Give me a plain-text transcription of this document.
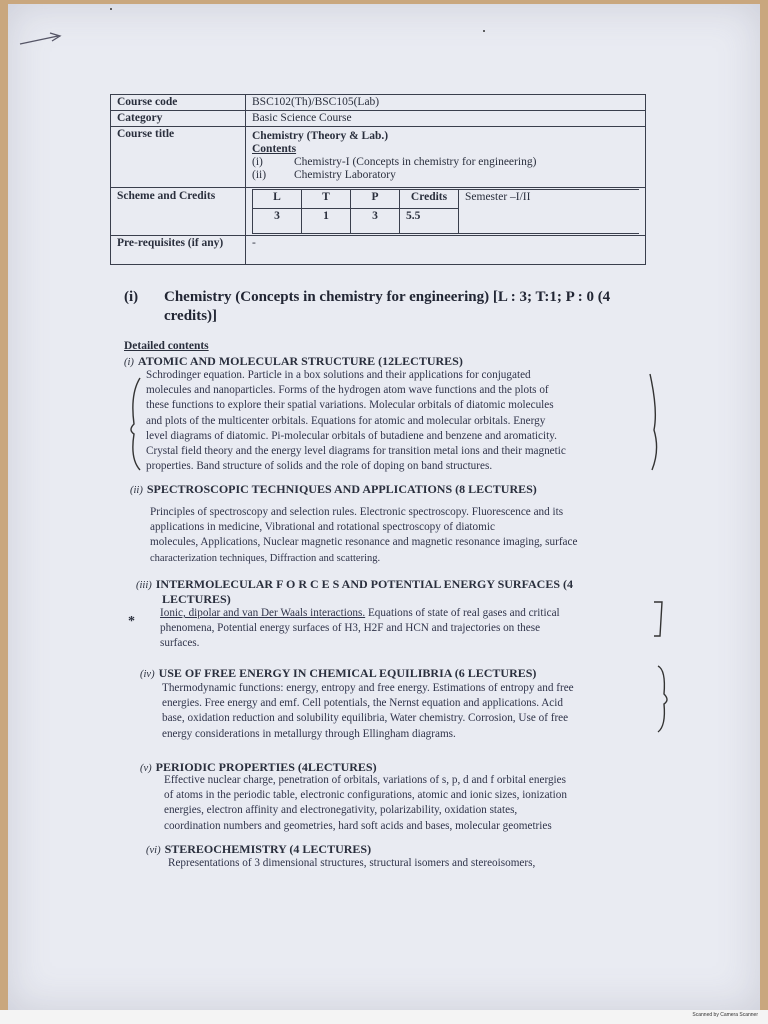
Scanned by Camera Scanner
Course code	BSC102(Th)/BSC105(Lab)
Category	Basic Science Course
Course title	Chemistry (Theory & Lab.)
Contents
(i)	Chemistry-I (Concepts in chemistry for engineering)
(ii)	Chemistry Laboratory

Scheme and Credits		L	T	P	Credits	Semester –I/II
3	1	3	5.5

Pre-requisites (if any)	-
(i) Chemistry (Concepts in chemistry for engineering) [L : 3; T:1; P : 0 (4
credits)]
Detailed contents
(i) ATOMIC AND MOLECULAR STRUCTURE (12LECTURES)
Schrodinger equation. Particle in a box solutions and their applications for conjugated
molecules and nanoparticles. Forms of the hydrogen atom wave functions and the plots of
these functions to explore their spatial variations. Molecular orbitals of diatomic molecules
and plots of the multicenter orbitals. Equations for atomic and molecular orbitals. Energy
level diagrams of diatomic. Pi-molecular orbitals of butadiene and benzene and aromaticity.
Crystal field theory and the energy level diagrams for transition metal ions and their magnetic
properties. Band structure of solids and the role of doping on band structures.
(ii) SPECTROSCOPIC TECHNIQUES AND APPLICATIONS (8 LECTURES)
Principles of spectroscopy and selection rules. Electronic spectroscopy. Fluorescence and its
applications in medicine, Vibrational and rotational spectroscopy of diatomic
molecules, Applications, Nuclear magnetic resonance and magnetic resonance imaging, surface
characterization techniques, Diffraction and scattering.
(iii) INTERMOLECULAR F O R C E S AND POTENTIAL ENERGY SURFACES (4
LECTURES)
*
Ionic, dipolar and van Der Waals interactions. Equations of state of real gases and critical
phenomena, Potential energy surfaces of H3, H2F and HCN and trajectories on these
surfaces.
(iv) USE OF FREE ENERGY IN CHEMICAL EQUILIBRIA (6 LECTURES)
Thermodynamic functions: energy, entropy and free energy. Estimations of entropy and free
energies. Free energy and emf. Cell potentials, the Nernst equation and applications. Acid
base, oxidation reduction and solubility equilibria, Water chemistry. Corrosion, Use of free
energy considerations in metallurgy through Ellingham diagrams.
(v) PERIODIC PROPERTIES (4LECTURES)
Effective nuclear charge, penetration of orbitals, variations of s, p, d and f orbital energies
of atoms in the periodic table, electronic configurations, atomic and ionic sizes, ionization
energies, electron affinity and electronegativity, polarizability, oxidation states,
coordination numbers and geometries, hard soft acids and bases, molecular geometries
(vi) STEREOCHEMISTRY (4 LECTURES)
Representations of 3 dimensional structures, structural isomers and stereoisomers,
